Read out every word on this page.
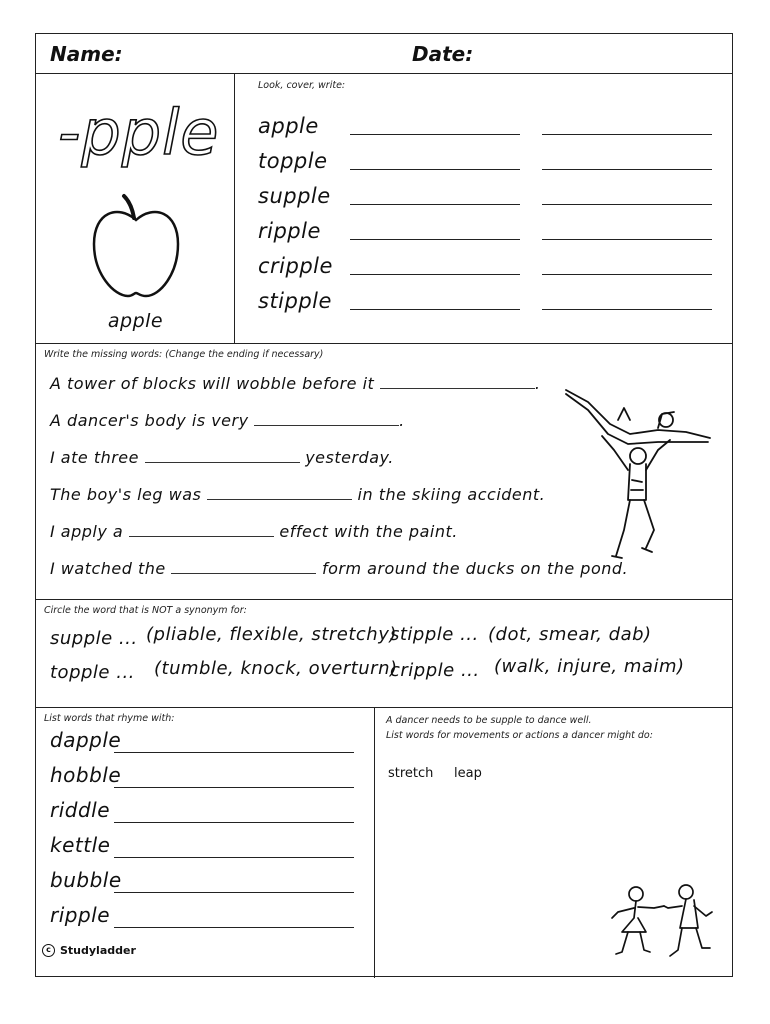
Name:	Date:
-pple
apple
Look, cover, write:
apple
topple
supple
ripple
cripple
stipple
Write the missing words: (Change the ending if necessary)
A tower of blocks will wobble before it	.
A dancer's body is very	.
I ate three	yesterday.
The boy's leg was	in the skiing accident.
I apply a	effect with the paint.
I watched the	form around the ducks on the pond.
Circle the word that is NOT a synonym for:
supple ... (pliable, flexible, stretchy)
stipple ... (dot, smear, dab)
topple ... (tumble, knock, overturn)
cripple ... (walk, injure, maim)
List words that rhyme with:
dapple
hobble
riddle
kettle
bubble
ripple
c Studyladder
A dancer needs to be supple to dance well.
List words for movements or actions a dancer might do:
stretch leap
